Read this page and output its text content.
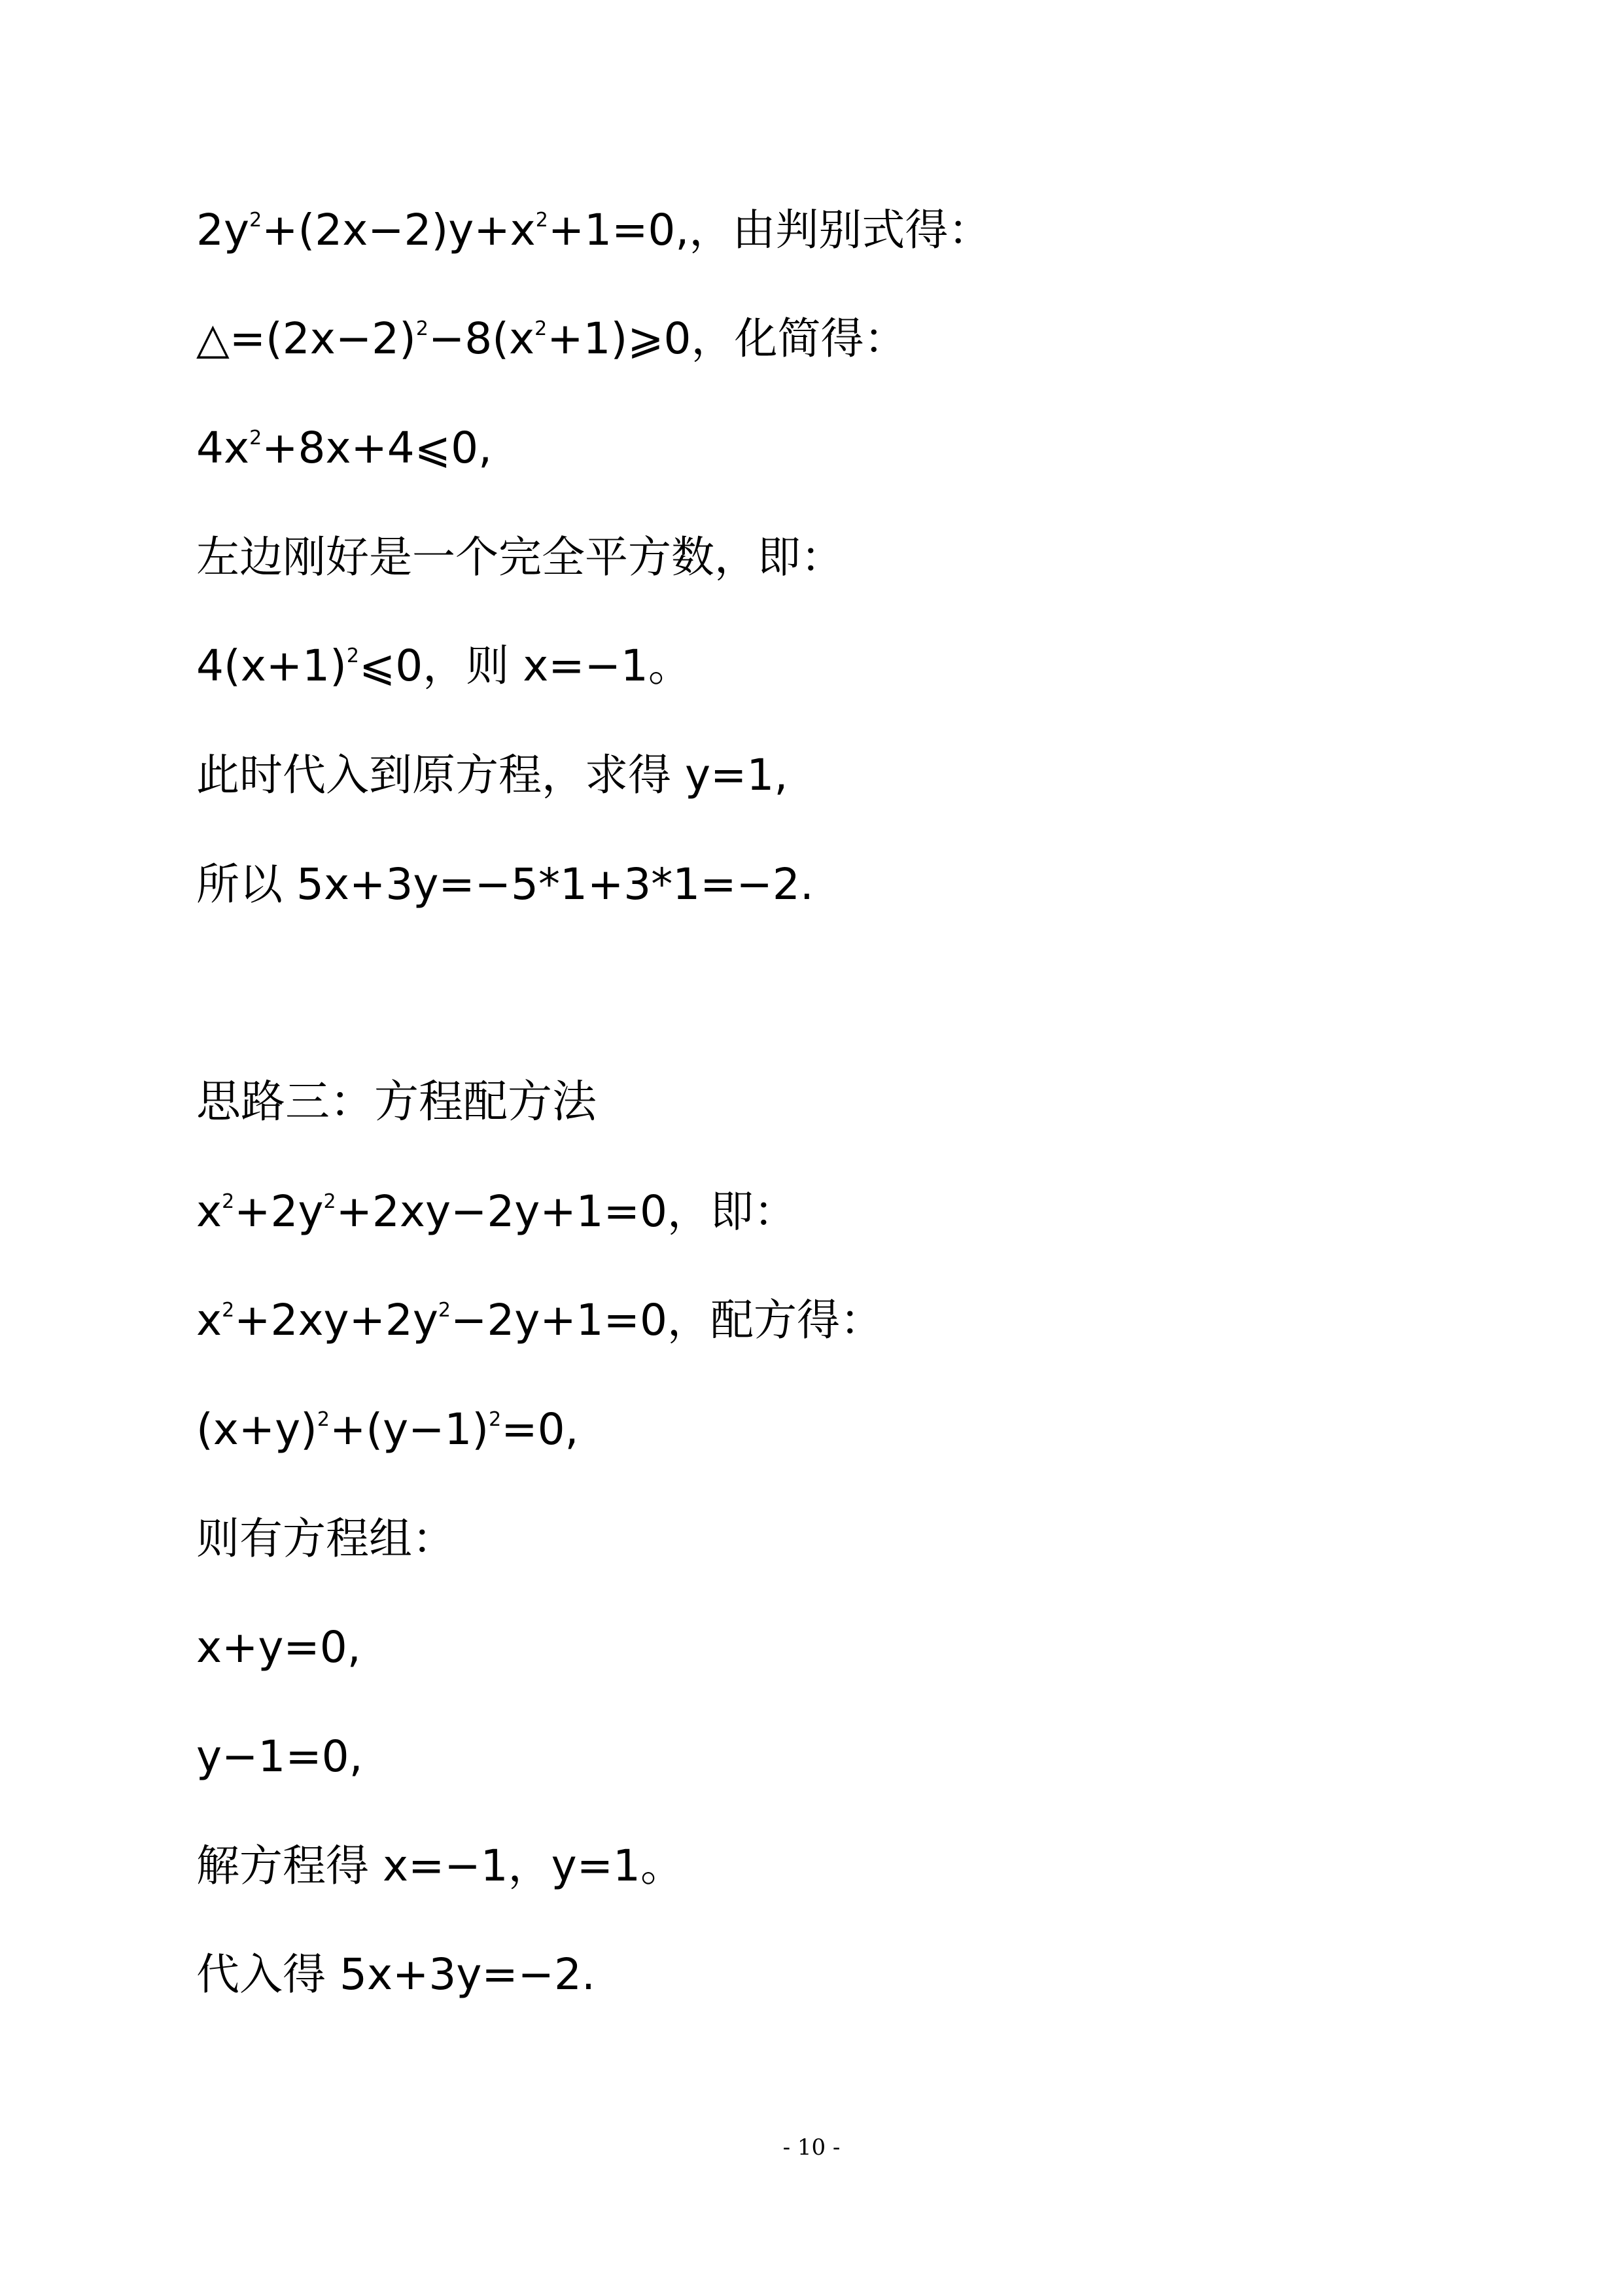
$2y^2+(2x-2)y+x^2+1=0$,，由判别式得：
$\triangle=(2x-2)^2-8(x^2+1)⩾0$，化简得：
$4x^2+8x+4⩽0$,
左边刚好是一个完全平方数，即：
$4(x+1)^2⩽0$，则 x=−1。
此时代入到原方程，求得 y=1,
所以 5x+3y=−5*1+3*1=−2.
思路三：方程配方法
$x^2+2y^2+2xy-2y+1=0$，即：
$x^2+2xy+2y^2-2y+1=0$，配方得：
$(x+y)^2+(y-1)^2=0$,
则有方程组：
x+y=0,
y−1=0,
解方程得 x=−1，y=1。
代入得 5x+3y=−2.
- 10 -
